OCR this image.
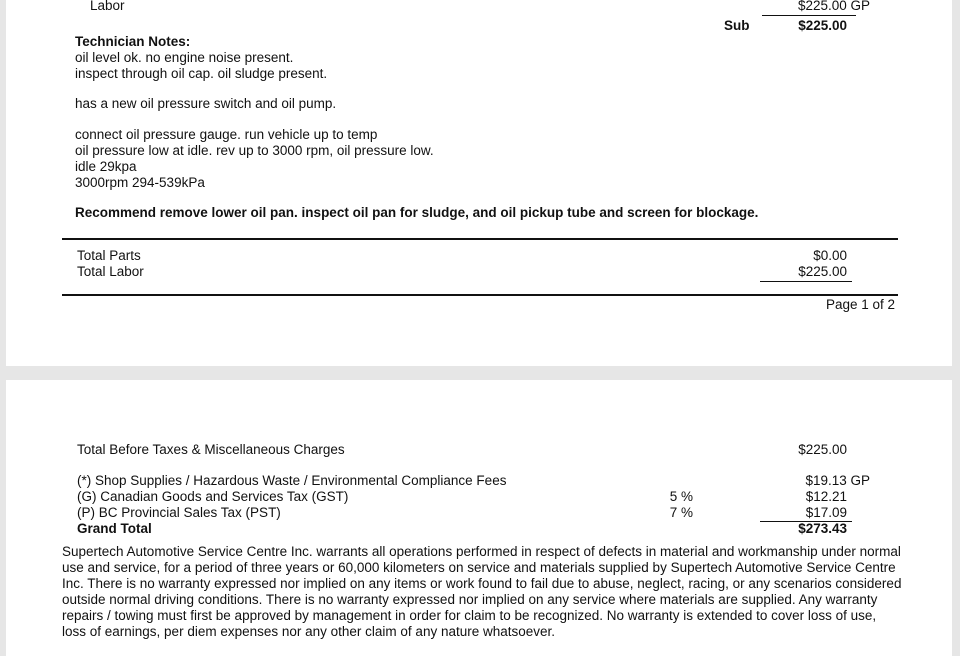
Labor	$225.00 GP
Sub	$225.00
Technician Notes:
oil level ok. no engine noise present.
inspect through oil cap. oil sludge present.
has a new oil pressure switch and oil pump.
connect oil pressure gauge. run vehicle up to temp
oil pressure low at idle. rev up to 3000 rpm, oil pressure low.
idle 29kpa
3000rpm 294-539kPa
Recommend remove lower oil pan. inspect oil pan for sludge, and oil pickup tube and screen for blockage.
Total Parts	$0.00
Total Labor	$225.00
Page 1 of 2
Total Before Taxes & Miscellaneous Charges	$225.00
(*) Shop Supplies / Hazardous Waste / Environmental Compliance Fees	$19.13 GP
(G) Canadian Goods and Services Tax (GST)	5 %	$12.21
(P) BC Provincial Sales Tax (PST)	7 %	$17.09
Grand Total	$273.43
Supertech Automotive Service Centre Inc. warrants all operations performed in respect of defects in material and workmanship under normal use and service, for a period of three years or 60,000 kilometers on service and materials supplied by Supertech Automotive Service Centre Inc. There is no warranty expressed nor implied on any items or work found to fail due to abuse, neglect, racing, or any scenarios considered outside normal driving conditions. There is no warranty expressed nor implied on any service where materials are supplied. Any warranty repairs / towing must first be approved by management in order for claim to be recognized. No warranty is extended to cover loss of use, loss of earnings, per diem expenses nor any other claim of any nature whatsoever.
